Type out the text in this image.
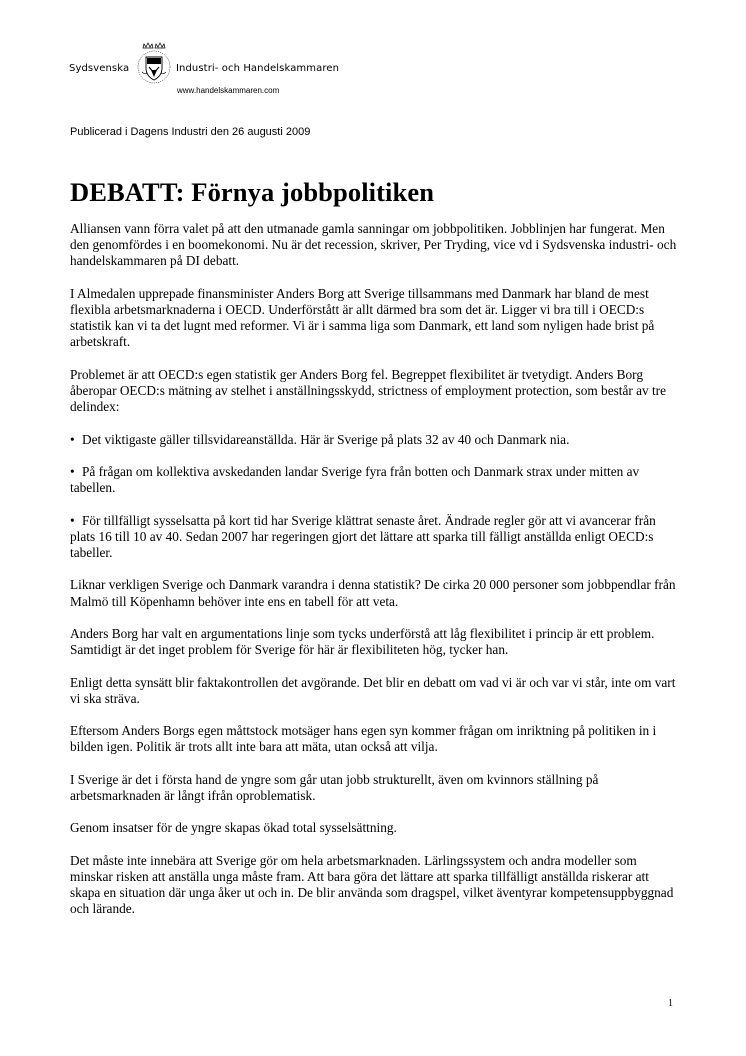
Sydsvenska	Industri- och Handelskammaren
www.handelskammaren.com
Publicerad i Dagens Industri den 26 augusti 2009
DEBATT: Förnya jobbpolitiken

Alliansen vann förra valet på att den utmanade gamla sanningar om jobbpolitiken. Jobblinjen har fungerat. Men den genomfördes i en boomekonomi. Nu är det recession, skriver, Per Tryding, vice vd i Sydsvenska industri- och handelskammaren på DI debatt.

I Almedalen upprepade finansminister Anders Borg att Sverige tillsammans med Danmark har bland de mest flexibla arbetsmarknaderna i OECD. Underförstått är allt därmed bra som det är. Ligger vi bra till i OECD:s statistik kan vi ta det lugnt med reformer. Vi är i samma liga som Danmark, ett land som nyligen hade brist på arbetskraft.

Problemet är att OECD:s egen statistik ger Anders Borg fel. Begreppet flexibilitet är tvetydigt. Anders Borg åberopar OECD:s mätning av stelhet i anställningsskydd, strictness of employment protection, som består av tre delindex:

• Det viktigaste gäller tillsvidareanställda. Här är Sverige på plats 32 av 40 och Danmark nia.

• På frågan om kollektiva avskedanden landar Sverige fyra från botten och Danmark strax under mitten av tabellen.

• För tillfälligt sysselsatta på kort tid har Sverige klättrat senaste året. Ändrade regler gör att vi avancerar från plats 16 till 10 av 40. Sedan 2007 har regeringen gjort det lättare att sparka till fälligt anställda enligt OECD:s tabeller.

Liknar verkligen Sverige och Danmark varandra i denna statistik? De cirka 20 000 personer som jobbpendlar från Malmö till Köpenhamn behöver inte ens en tabell för att veta.

Anders Borg har valt en argumentations linje som tycks underförstå att låg flexibilitet i princip är ett problem. Samtidigt är det inget problem för Sverige för här är flexibiliteten hög, tycker han.

Enligt detta synsätt blir faktakontrollen det avgörande. Det blir en debatt om vad vi är och var vi står, inte om vart vi ska sträva.

Eftersom Anders Borgs egen måttstock motsäger hans egen syn kommer frågan om inriktning på politiken in i bilden igen. Politik är trots allt inte bara att mäta, utan också att vilja.

I Sverige är det i första hand de yngre som går utan jobb strukturellt, även om kvinnors ställning på arbetsmarknaden är långt ifrån oproblematisk.

Genom insatser för de yngre skapas ökad total sysselsättning.

Det måste inte innebära att Sverige gör om hela arbetsmarknaden. Lärlingssystem och andra modeller som minskar risken att anställa unga måste fram. Att bara göra det lättare att sparka tillfälligt anställda riskerar att skapa en situation där unga åker ut och in. De blir använda som dragspel, vilket äventyrar kompetensuppbyggnad och lärande.

1
